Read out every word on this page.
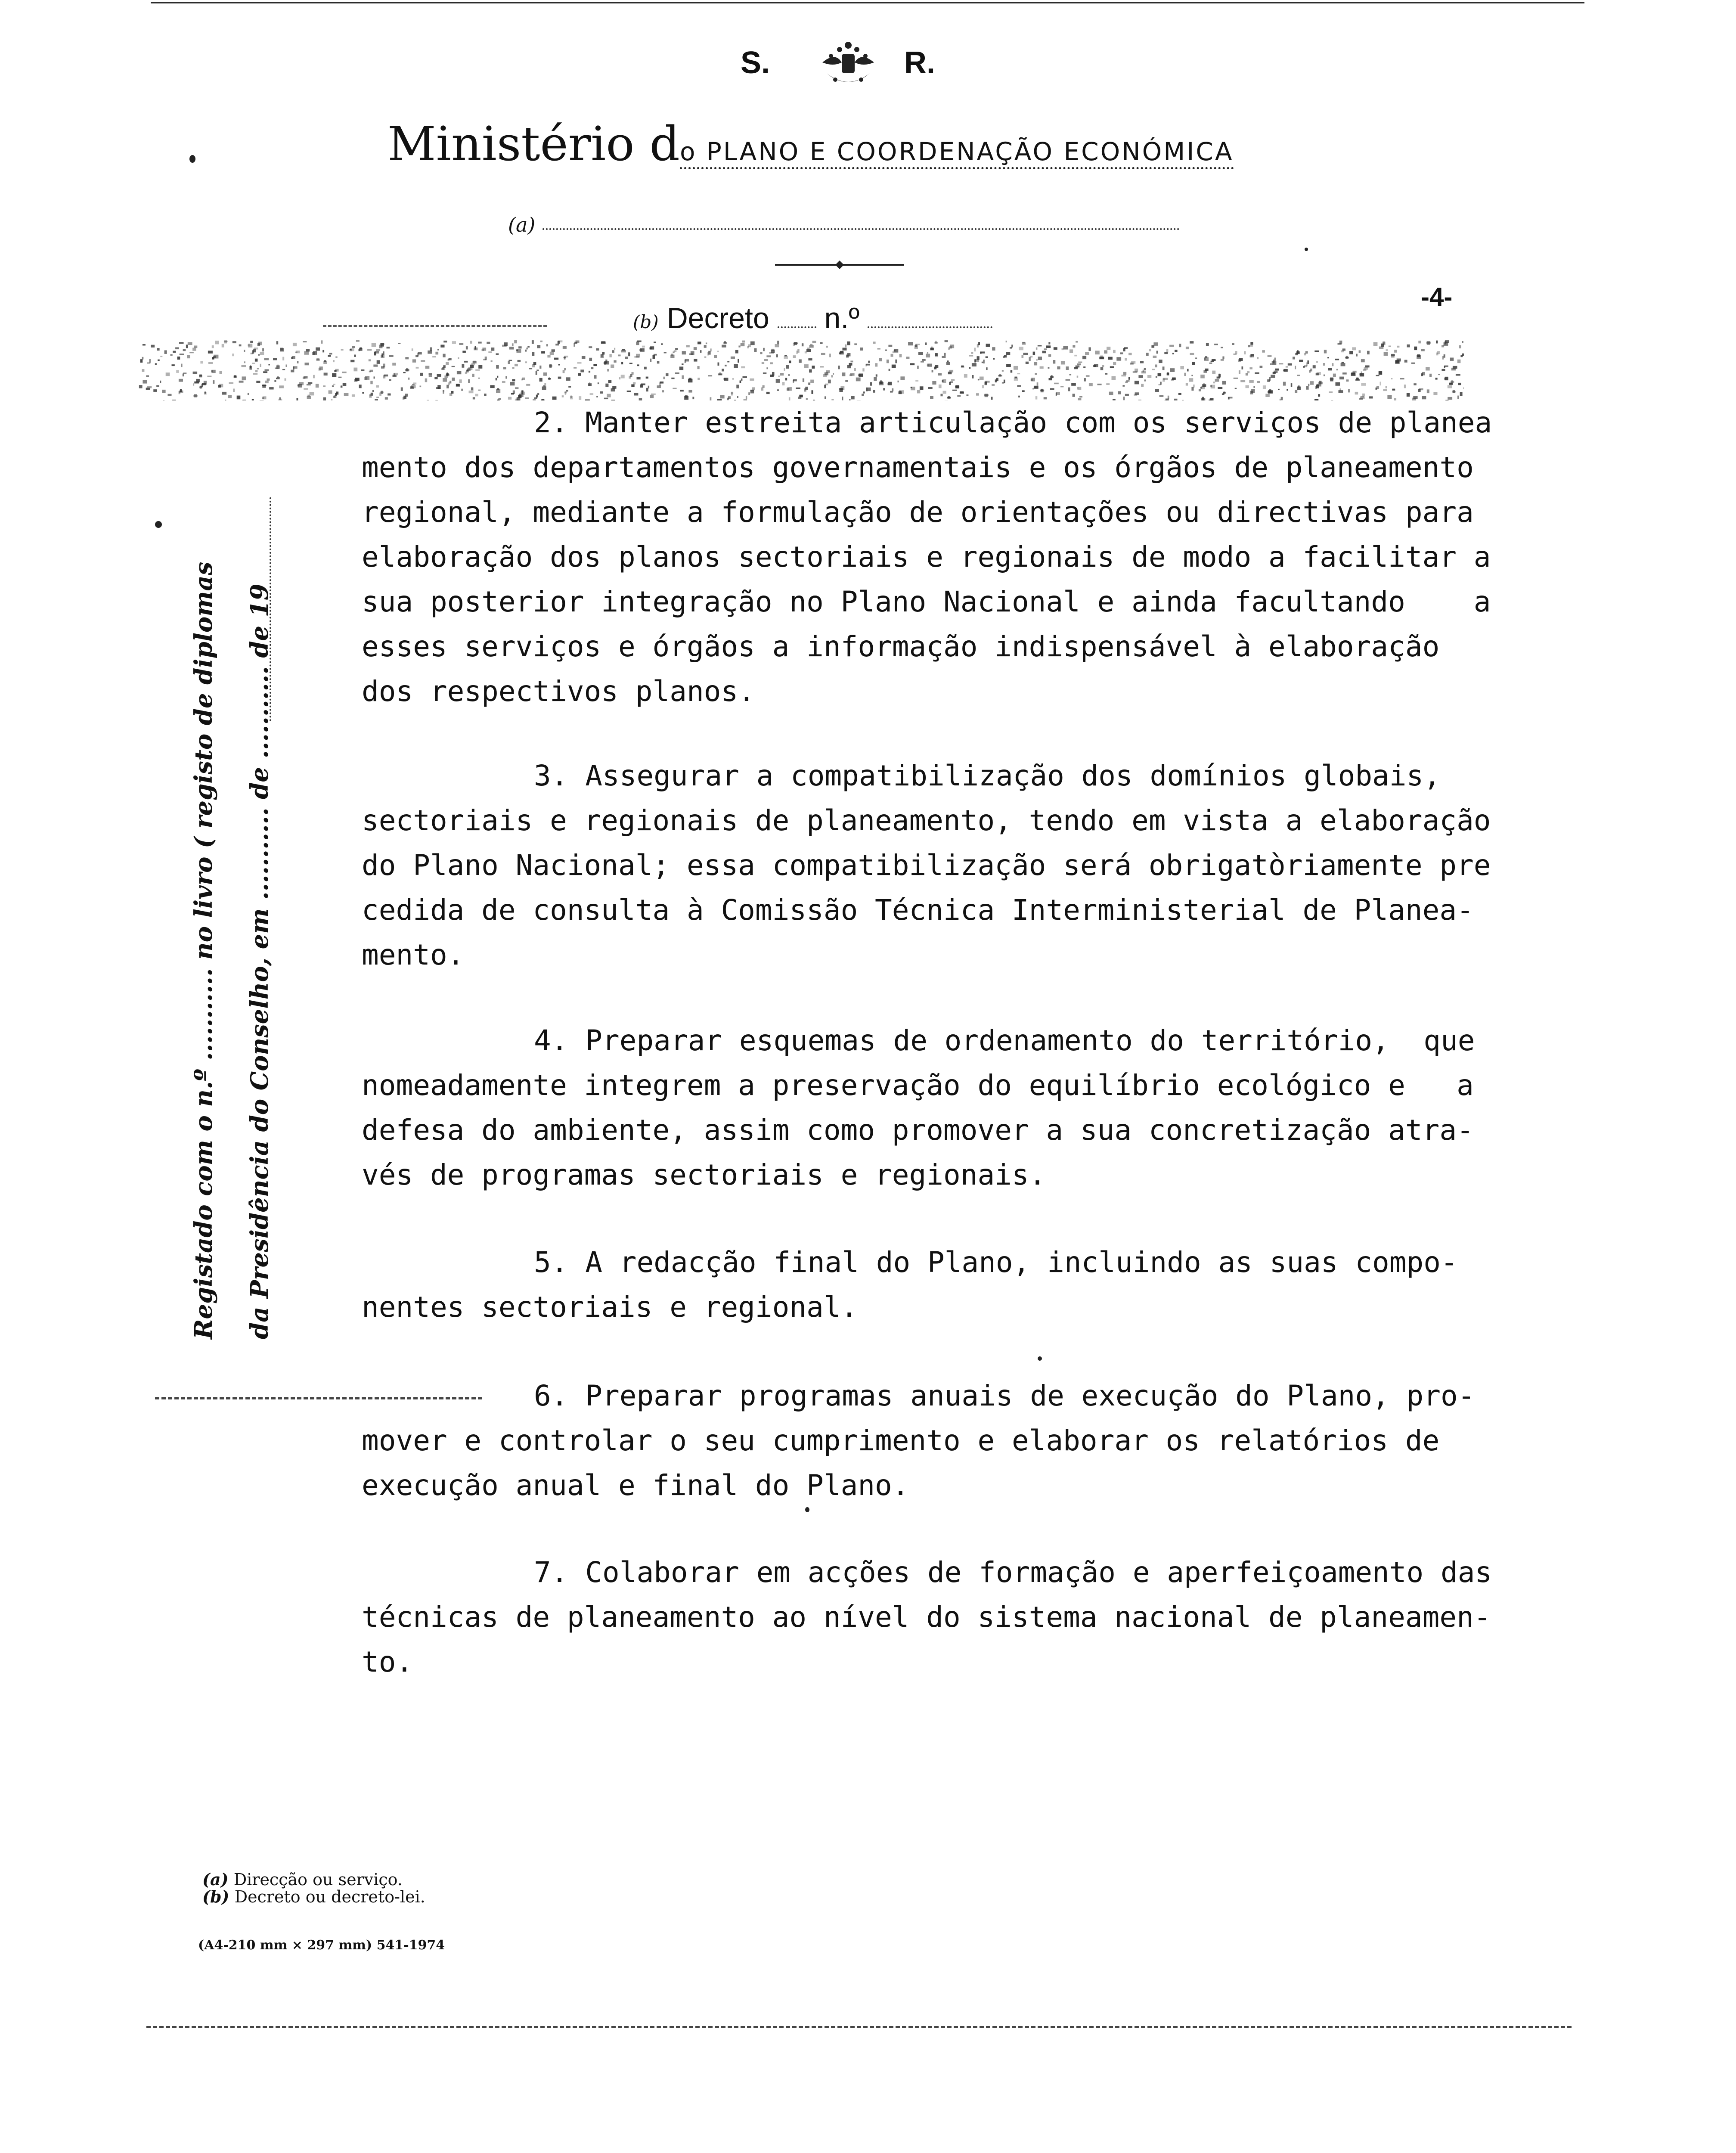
S.	R.
Ministério do PLANO E COORDENAÇÃO ECONÓMICA
(a)
-4-
(b) Decreto n.º
Registado com o n.º ........... no livro ( registo de diplomas da Presidência do Conselho, em ........... de ........... de 19

2. Manter estreita articulação com os serviços de planea

mento dos departamentos governamentais e os órgãos de planeamento

regional, mediante a formulação de orientações ou directivas para

elaboração dos planos sectoriais e regionais de modo a facilitar a

sua posterior integração no Plano Nacional e ainda facultando    a

esses serviços e órgãos a informação indispensável à elaboração

dos respectivos planos.

3. Assegurar a compatibilização dos domínios globais,

sectoriais e regionais de planeamento, tendo em vista a elaboração

do Plano Nacional; essa compatibilização será obrigatòriamente pre

cedida de consulta à Comissão Técnica Interministerial de Planea-

mento.

4. Preparar esquemas de ordenamento do território,  que

nomeadamente integrem a preservação do equilíbrio ecológico e   a

defesa do ambiente, assim como promover a sua concretização atra-

vés de programas sectoriais e regionais.

5. A redacção final do Plano, incluindo as suas compo-

nentes sectoriais e regional.

6. Preparar programas anuais de execução do Plano, pro-

mover e controlar o seu cumprimento e elaborar os relatórios de

execução anual e final do Plano.

7. Colaborar em acções de formação e aperfeiçoamento das

técnicas de planeamento ao nível do sistema nacional de planeamen-

to.

(a) Direcção ou serviço.
(b) Decreto ou decreto-lei.
(A4-210 mm × 297 mm) 541-1974
